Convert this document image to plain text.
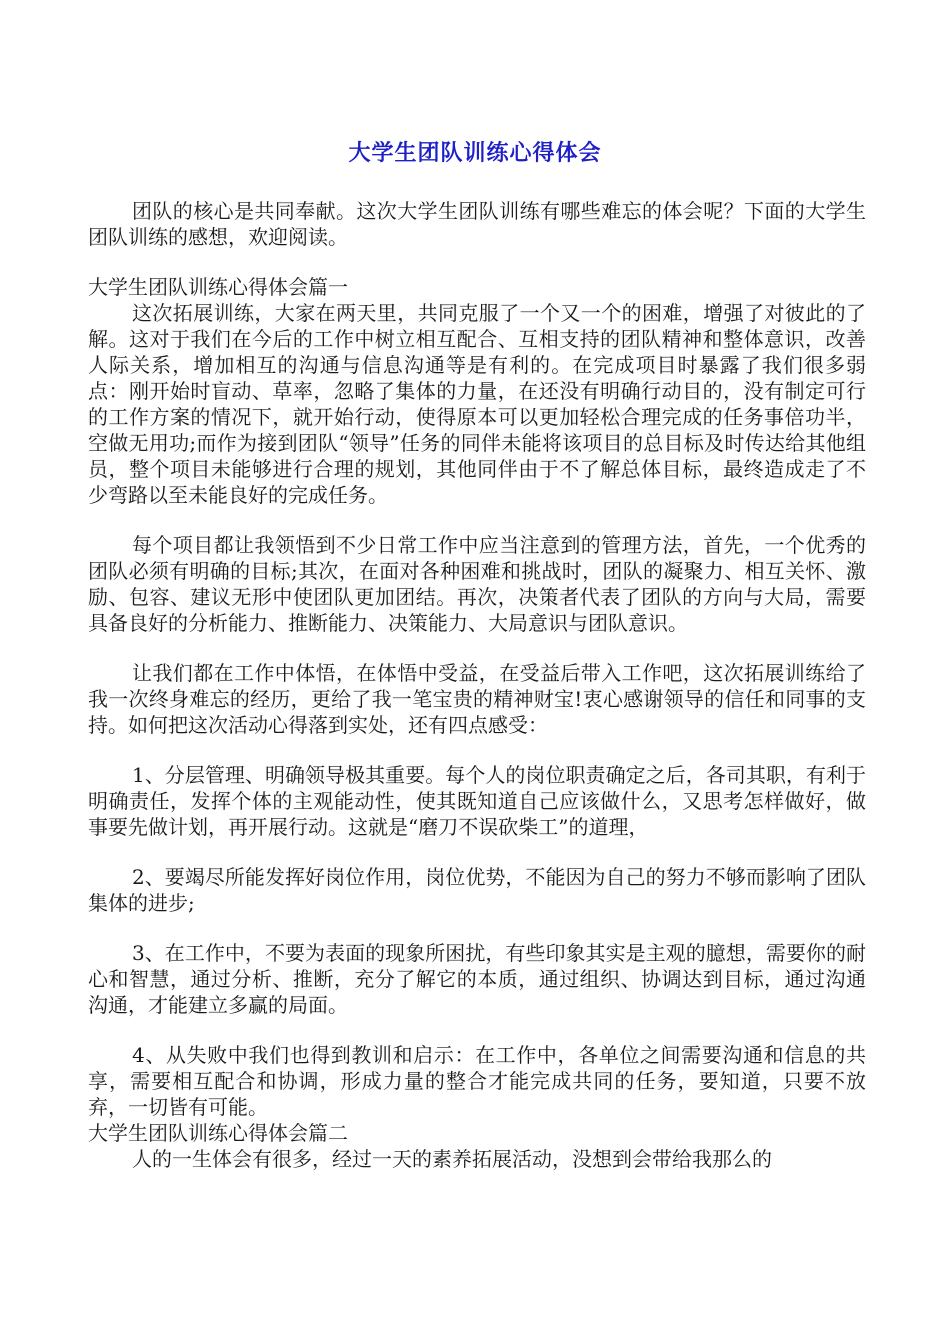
大学生团队训练心得体会

团队的核心是共同奉献。这次大学生团队训练有哪些难忘的体会呢？下面的大学生团队训练的感想，欢迎阅读。

大学生团队训练心得体会篇一

这次拓展训练，大家在两天里，共同克服了一个又一个的困难，增强了对彼此的了解。这对于我们在今后的工作中树立相互配合、互相支持的团队精神和整体意识，改善人际关系，增加相互的沟通与信息沟通等是有利的。在完成项目时暴露了我们很多弱点：刚开始时盲动、草率，忽略了集体的力量，在还没有明确行动目的，没有制定可行的工作方案的情况下，就开始行动，使得原本可以更加轻松合理完成的任务事倍功半，空做无用功;而作为接到团队“领导”任务的同伴未能将该项目的总目标及时传达给其他组员，整个项目未能够进行合理的规划，其他同伴由于不了解总体目标，最终造成走了不少弯路以至未能良好的完成任务。

每个项目都让我领悟到不少日常工作中应当注意到的管理方法，首先，一个优秀的团队必须有明确的目标;其次，在面对各种困难和挑战时，团队的凝聚力、相互关怀、激励、包容、建议无形中使团队更加团结。再次，决策者代表了团队的方向与大局，需要具备良好的分析能力、推断能力、决策能力、大局意识与团队意识。

让我们都在工作中体悟，在体悟中受益，在受益后带入工作吧，这次拓展训练给了我一次终身难忘的经历，更给了我一笔宝贵的精神财宝!衷心感谢领导的信任和同事的支持。如何把这次活动心得落到实处，还有四点感受：

1、分层管理、明确领导极其重要。每个人的岗位职责确定之后，各司其职，有利于明确责任，发挥个体的主观能动性，使其既知道自己应该做什么，又思考怎样做好，做事要先做计划，再开展行动。这就是“磨刀不误砍柴工”的道理，

2、要竭尽所能发挥好岗位作用，岗位优势，不能因为自己的努力不够而影响了团队集体的进步;

3、在工作中，不要为表面的现象所困扰，有些印象其实是主观的臆想，需要你的耐心和智慧，通过分析、推断，充分了解它的本质，通过组织、协调达到目标，通过沟通沟通，才能建立多赢的局面。

4、从失败中我们也得到教训和启示：在工作中，各单位之间需要沟通和信息的共享，需要相互配合和协调，形成力量的整合才能完成共同的任务，要知道，只要不放弃，一切皆有可能。

大学生团队训练心得体会篇二

人的一生体会有很多，经过一天的素养拓展活动，没想到会带给我那么的
